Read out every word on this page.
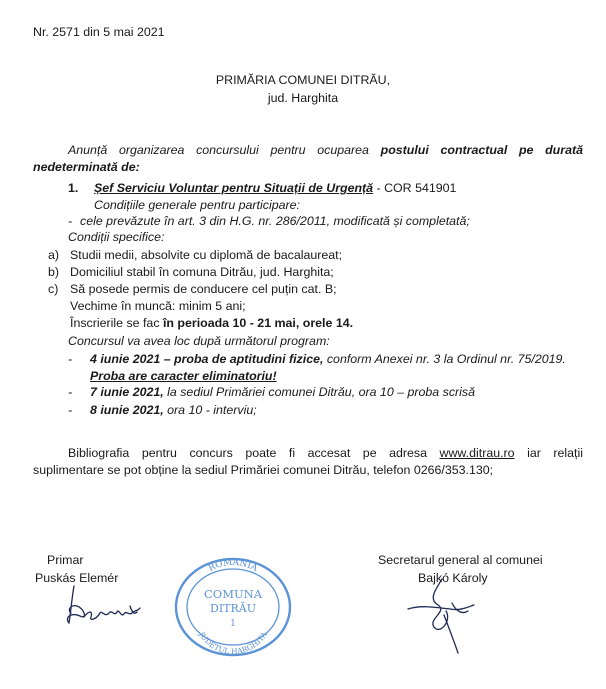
Nr. 2571 din 5 mai 2021
PRIMĂRIA COMUNEI DITRĂU,
jud. Harghita
Anunță organizarea concursului pentru ocuparea postului contractual pe durată
nedeterminată de:
1. Șef Serviciu Voluntar pentru Situații de Urgență - COR 541901
Condițiile generale pentru participare:
- cele prevăzute în art. 3 din H.G. nr. 286/2011, modificată și completată;
Condiții specifice:
a) Studii medii, absolvite cu diplomă de bacalaureat;
b) Domiciliul stabil în comuna Ditrău, jud. Harghita;
c) Să posede permis de conducere cel puțin cat. B;
Vechime în muncă: minim 5 ani;
Înscrierile se fac în perioada 10 - 21 mai, orele 14.
Concursul va avea loc după următorul program:
- 4 iunie 2021 – proba de aptitudini fizice, conform Anexei nr. 3 la Ordinul nr. 75/2019.
Proba are caracter eliminatoriu!
- 7 iunie 2021, la sediul Primăriei comunei Ditrău, ora 10 – proba scrisă
- 8 iunie 2021, ora 10 - interviu;
Bibliografia pentru concurs poate fi accesat pe adresa www.ditrau.ro iar relații
suplimentare se pot obține la sediul Primăriei comunei Ditrău, telefon 0266/353.130;
Primar
Puskás Elemér
ROMANIA
COMUNA
DITRĂU
1
JUDETUL HARGHITA
Secretarul general al comunei
Bajkó Károly
